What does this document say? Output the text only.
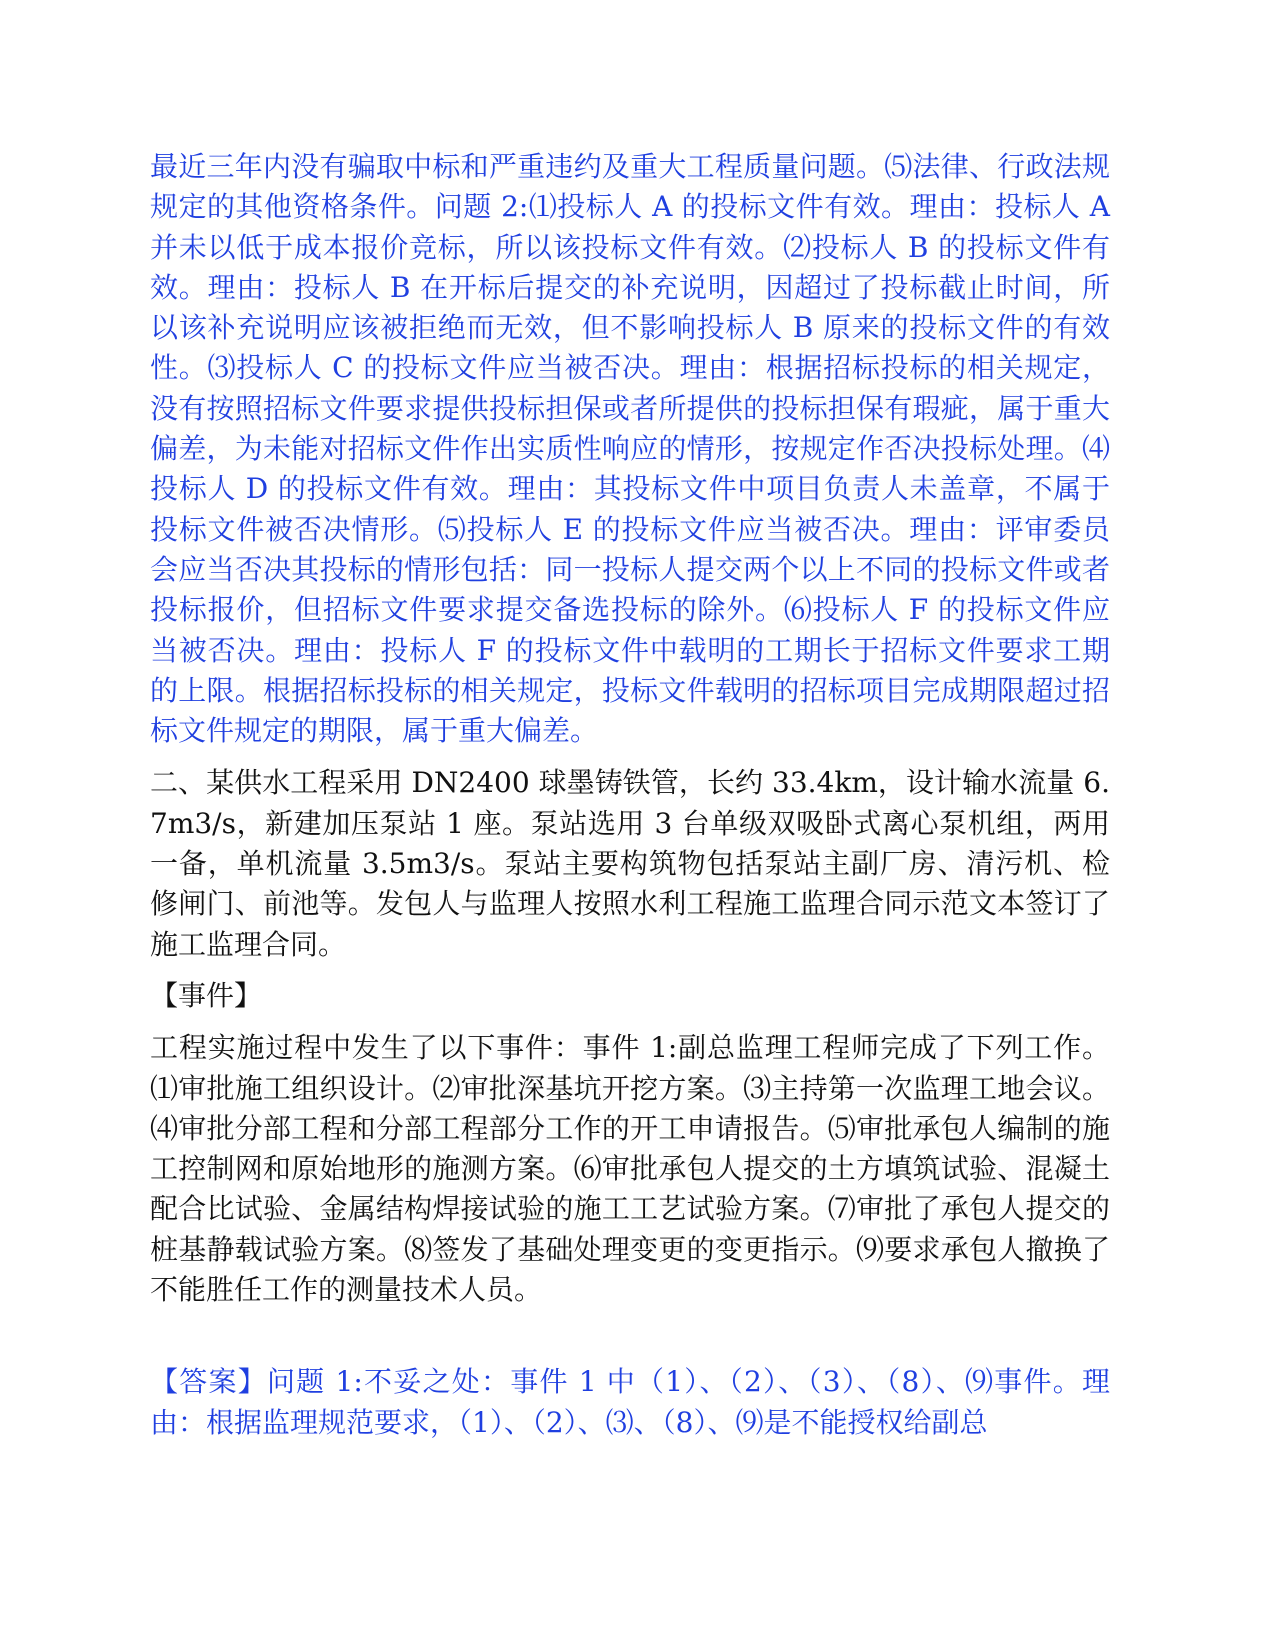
最近三年内没有骗取中标和严重违约及重大工程质量问题。⑸法律、行政法规规定的其他资格条件。问题 2:⑴投标人 A 的投标文件有效。理由：投标人 A 并未以低于成本报价竞标，所以该投标文件有效。⑵投标人 B 的投标文件有效。理由：投标人 B 在开标后提交的补充说明，因超过了投标截止时间，所以该补充说明应该被拒绝而无效，但不影响投标人 B 原来的投标文件的有效性。⑶投标人 C 的投标文件应当被否决。理由：根据招标投标的相关规定，没有按照招标文件要求提供投标担保或者所提供的投标担保有瑕疵，属于重大偏差，为未能对招标文件作出实质性响应的情形，按规定作否决投标处理。⑷投标人 D 的投标文件有效。理由：其投标文件中项目负责人未盖章，不属于投标文件被否决情形。⑸投标人 E 的投标文件应当被否决。理由：评审委员会应当否决其投标的情形包括：同一投标人提交两个以上不同的投标文件或者投标报价，但招标文件要求提交备选投标的除外。⑹投标人 F 的投标文件应当被否决。理由：投标人 F 的投标文件中载明的工期长于招标文件要求工期的上限。根据招标投标的相关规定，投标文件载明的招标项目完成期限超过招标文件规定的期限，属于重大偏差。

二、某供水工程采用 DN2400 球墨铸铁管，长约 33.4km，设计输水流量 6.7m3/s，新建加压泵站 1 座。泵站选用 3 台单级双吸卧式离心泵机组，两用一备，单机流量 3.5m3/s。泵站主要构筑物包括泵站主副厂房、清污机、检修闸门、前池等。发包人与监理人按照水利工程施工监理合同示范文本签订了施工监理合同。

【事件】

工程实施过程中发生了以下事件：事件 1:副总监理工程师完成了下列工作。⑴审批施工组织设计。⑵审批深基坑开挖方案。⑶主持第一次监理工地会议。⑷审批分部工程和分部工程部分工作的开工申请报告。⑸审批承包人编制的施工控制网和原始地形的施测方案。⑹审批承包人提交的土方填筑试验、混凝土配合比试验、金属结构焊接试验的施工工艺试验方案。⑺审批了承包人提交的桩基静载试验方案。⑻签发了基础处理变更的变更指示。⑼要求承包人撤换了不能胜任工作的测量技术人员。

【答案】问题 1:不妥之处：事件 1 中（1）、（2）、（3）、（8）、⑼事件。理由：根据监理规范要求，（1）、（2）、⑶、（8）、⑼是不能授权给副总
